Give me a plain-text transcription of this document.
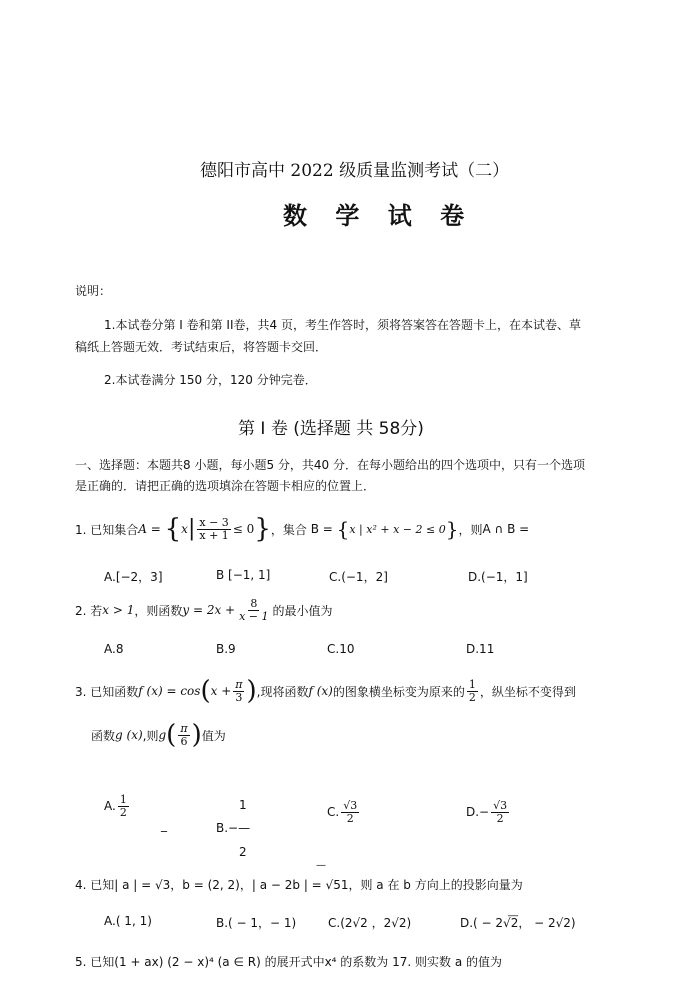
德阳市高中 2022 级质量监测考试（二）
数 学 试 卷
说明：
1.本试卷分第 I 卷和第 II卷，共4 页，考生作答时，须将答案答在答题卡上，在本试卷、草
稿纸上答题无效．考试结束后，将答题卡交回．
2.本试卷满分 150 分，120 分钟完卷．
第 I 卷 (选择题 共 58分)
一、选择题：本题共8 小题，每小题5 分，共40 分．在每小题给出的四个选项中，只有一个选项
是正确的．请把正确的选项填涂在答题卡相应的位置上．
1. 已知集合 A = { x | $\frac{x - 3}{x + 1} \le 0$ } ，集合
B = { x | x² + x − 2 ≤ 0 } ，则 A ∩ B =
A.[−2，3]	B [−1, 1]	C.(−1，2]	D.(−1，1]
2. 若 x > 1 ，则函数 $y = 2x + \frac{8}{x - 1}$ 的最小值为
A.8	B.9	C.10	D.11
3. 已知函数 f (x) = cos ( $x + \frac{\pi}{3}$ ) ,现将函数 f (x) 的图象横坐标变为原来的 $\frac{1}{2}$ ，纵坐标不变得到
函数 g (x) ,则 g ( $\frac{\pi}{6}$ ) 值为
A. $\frac{1}{2}$
_
1
B.−—
2
C. $\frac{√3}{2}$	$D.- \frac{√3}{2}$
—
4. 已知| a | = √3，b = (2, 2)，| a − 2b | = √51，则 a 在 b 方向上的投影向量为
A.( 1, 1)	B.( − 1，− 1)	C.(2√2 ，2√2)	D.( − 2√2， − 2√2)
__
5. 已知(1 + ax) (2 − x)⁴ (a ∈ R) 的展开式中x⁴ 的系数为 17. 则实数 a 的值为
